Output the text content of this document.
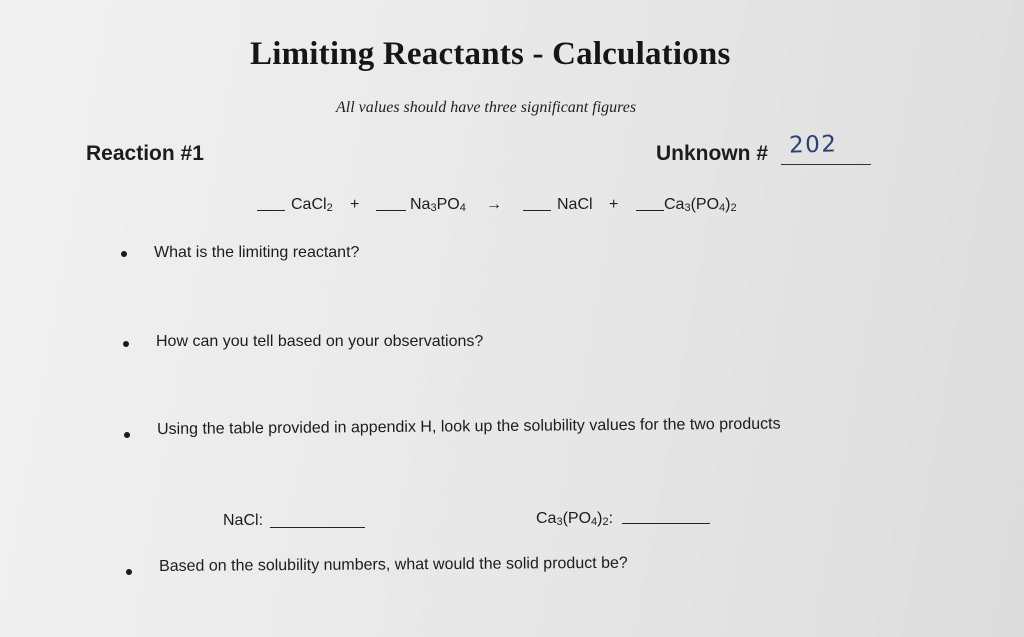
Limiting Reactants - Calculations
All values should have three significant figures
Reaction #1	Unknown # 202
CaCl$_2$ +	$Na_3PO_4$ →	NaCl +	$Ca_3(PO_4)_2$
What is the limiting reactant?
How can you tell based on your observations?
Using the table provided in appendix H, look up the solubility values for the two products
NaCl:	$Ca_3(PO_4)_2$:
Based on the solubility numbers, what would the solid product be?
